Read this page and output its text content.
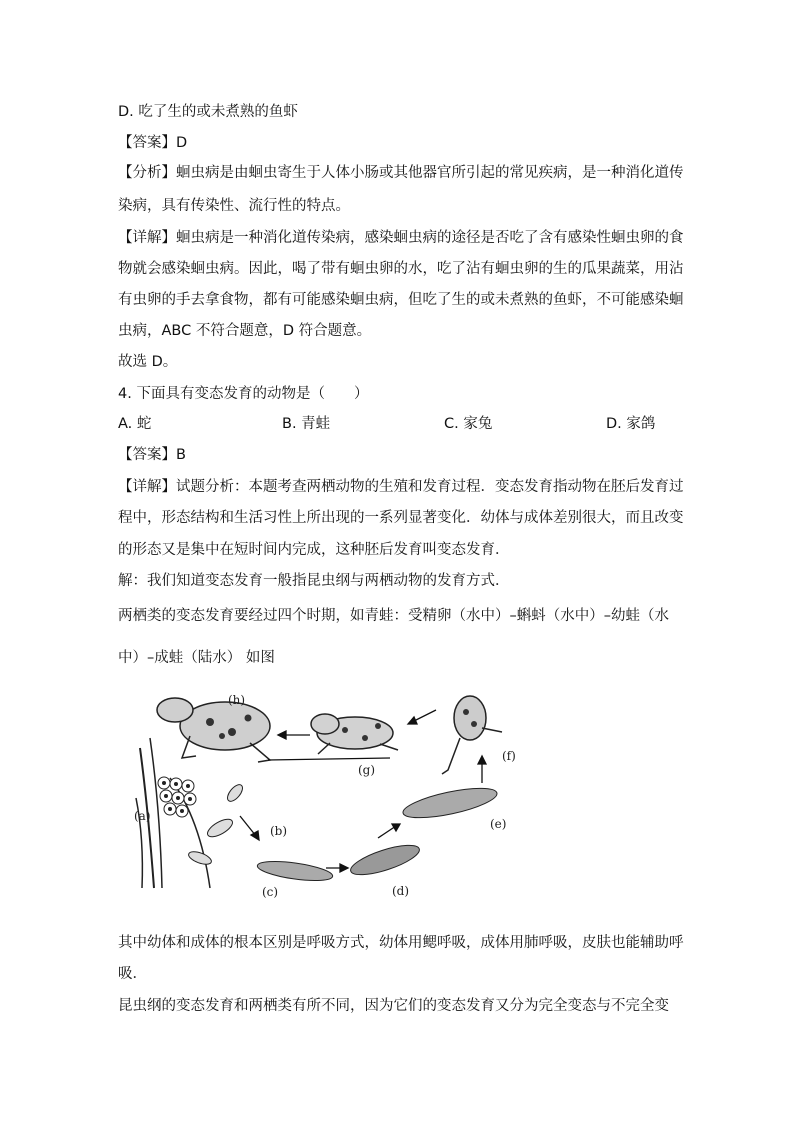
D. 吃了生的或未煮熟的鱼虾
【答案】D
【分析】蛔虫病是由蛔虫寄生于人体小肠或其他器官所引起的常见疾病，是一种消化道传
染病，具有传染性、流行性的特点。
【详解】蛔虫病是一种消化道传染病，感染蛔虫病的途径是否吃了含有感染性蛔虫卵的食
物就会感染蛔虫病。因此，喝了带有蛔虫卵的水，吃了沾有蛔虫卵的生的瓜果蔬菜，用沾
有虫卵的手去拿食物，都有可能感染蛔虫病，但吃了生的或未煮熟的鱼虾，不可能感染蛔
虫病，ABC 不符合题意，D 符合题意。
故选 D。
4. 下面具有变态发育的动物是（　　）
A. 蛇	B. 青蛙	C. 家兔	D. 家鸽
【答案】B
【详解】试题分析：本题考查两栖动物的生殖和发育过程．变态发育指动物在胚后发育过
程中，形态结构和生活习性上所出现的一系列显著变化．幼体与成体差别很大，而且改变
的形态又是集中在短时间内完成，这种胚后发育叫变态发育．
解：我们知道变态发育一般指昆虫纲与两栖动物的发育方式．
两栖类的变态发育要经过四个时期，如青蛙：受精卵（水中）–蝌蚪（水中）–幼蛙（水
中）–成蛙（陆水） 如图
(h)
(a)
(b)
(c)	(d)
(e)
(f)
(g)
其中幼体和成体的根本区别是呼吸方式，幼体用鳃呼吸，成体用肺呼吸，皮肤也能辅助呼
吸．
昆虫纲的变态发育和两栖类有所不同，因为它们的变态发育又分为完全变态与不完全变
